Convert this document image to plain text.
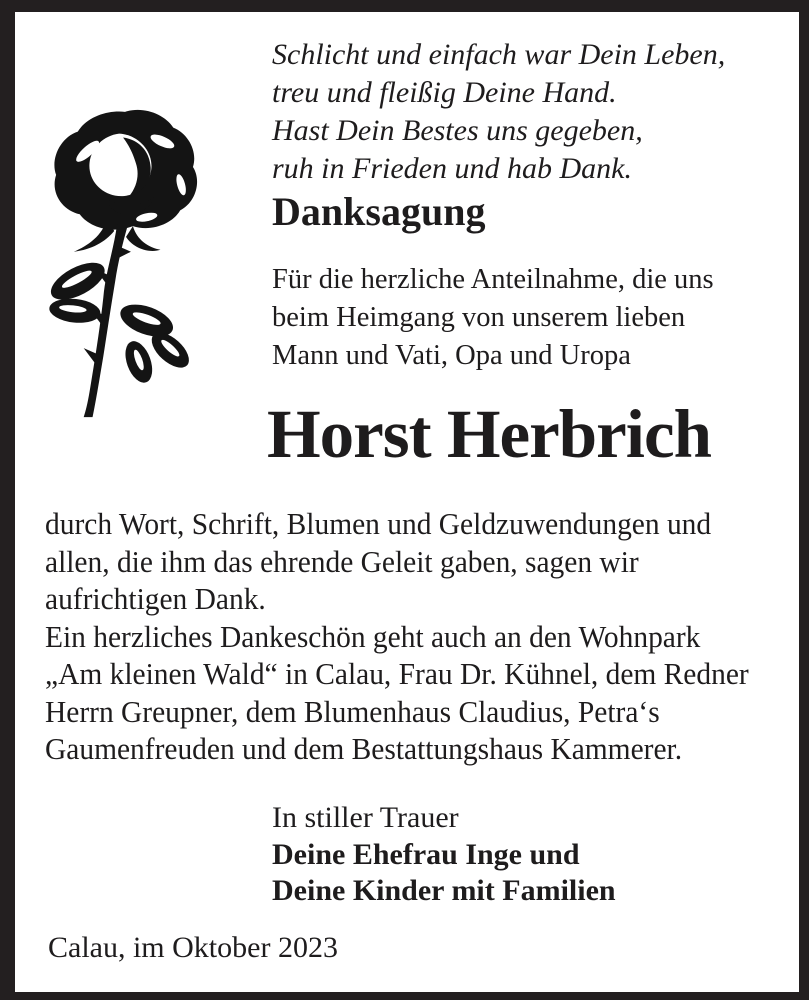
Schlicht und einfach war Dein Leben,
treu und fleißig Deine Hand.
Hast Dein Bestes uns gegeben,
ruh in Frieden und hab Dank.
Danksagung
Für die herzliche Anteilnahme, die uns
beim Heimgang von unserem lieben
Mann und Vati, Opa und Uropa
Horst Herbrich
durch Wort, Schrift, Blumen und Geldzuwendungen und
allen, die ihm das ehrende Geleit gaben, sagen wir
aufrichtigen Dank.
Ein herzliches Dankeschön geht auch an den Wohnpark
„Am kleinen Wald“ in Calau, Frau Dr. Kühnel, dem Redner
Herrn Greupner, dem Blumenhaus Claudius, Petra‘s
Gaumenfreuden und dem Bestattungshaus Kammerer.
In stiller Trauer
Deine Ehefrau Inge und
Deine Kinder mit Familien
Calau, im Oktober 2023
